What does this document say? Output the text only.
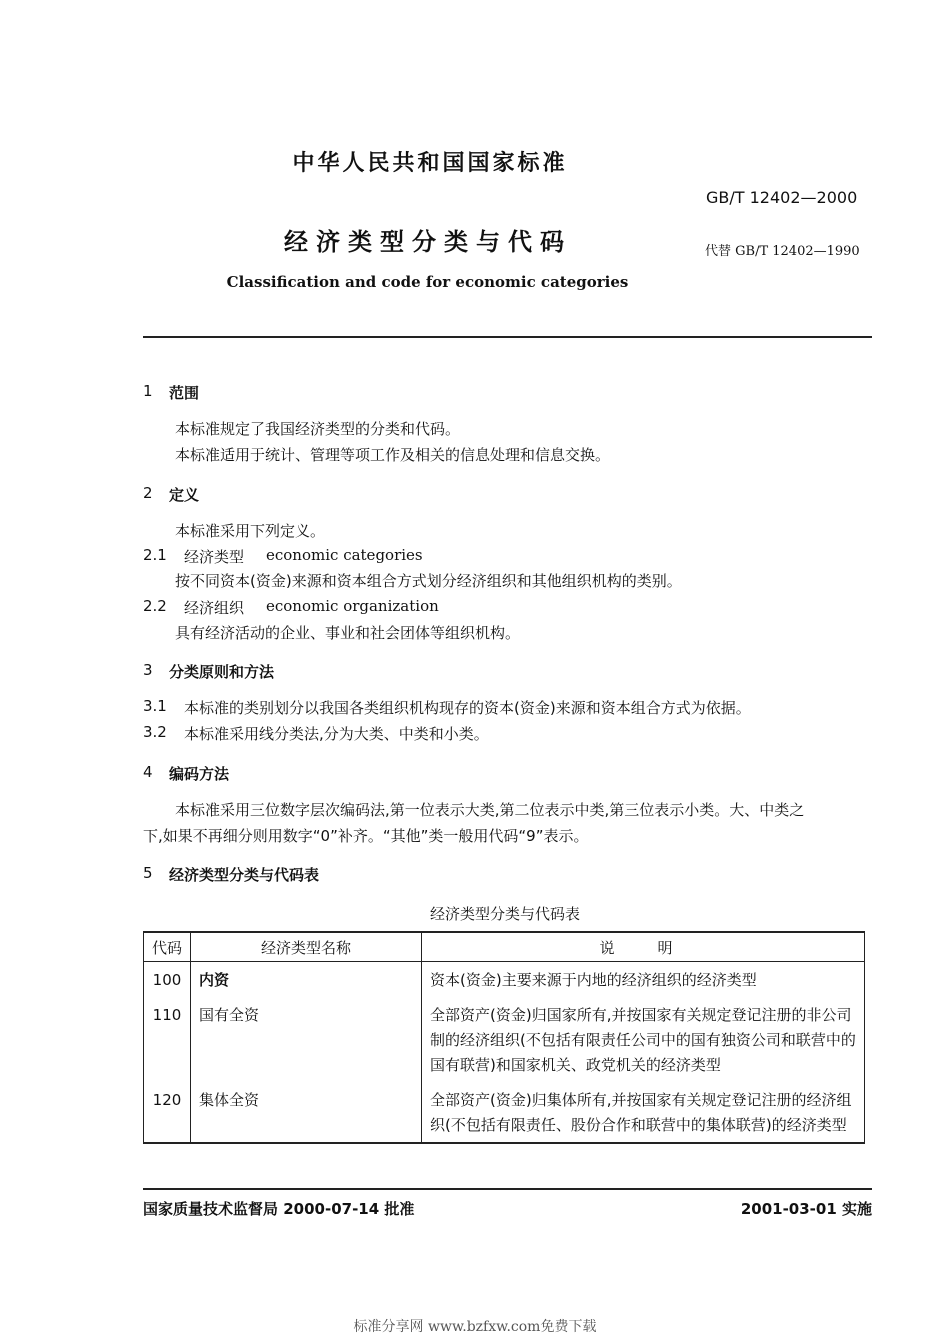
中华人民共和国国家标准
GB/T 12402—2000
经济类型分类与代码	代替 GB/T 12402—1990
Classification and code for economic categories
1 范围
本标准规定了我国经济类型的分类和代码。
本标准适用于统计、管理等项工作及相关的信息处理和信息交换。
2 定义
本标准采用下列定义。
2.1 经济类型 economic categories
按不同资本(资金)来源和资本组合方式划分经济组织和其他组织机构的类别。
2.2 经济组织 economic organization
具有经济活动的企业、事业和社会团体等组织机构。
3 分类原则和方法
3.1 本标准的类别划分以我国各类组织机构现存的资本(资金)来源和资本组合方式为依据。
3.2 本标准采用线分类法,分为大类、中类和小类。
4 编码方法
本标准采用三位数字层次编码法,第一位表示大类,第二位表示中类,第三位表示小类。大、中类之
下,如果不再细分则用数字“0”补齐。“其他”类一般用代码“9”表示。
5 经济类型分类与代码表
经济类型分类与代码表
代码	经济类型名称	说　明
100	内资	资本(资金)主要来源于内地的经济组织的经济类型
110	国有全资	全部资产(资金)归国家所有,并按国家有关规定登记注册的非公司制的经济组织(不包括有限责任公司中的国有独资公司和联营中的国有联营)和国家机关、政党机关的经济类型
120	集体全资	全部资产(资金)归集体所有,并按国家有关规定登记注册的经济组织(不包括有限责任、股份合作和联营中的集体联营)的经济类型
国家质量技术监督局 2000-07-14 批准	2001-03-01 实施
标准分享网 www.bzfxw.com免费下载
